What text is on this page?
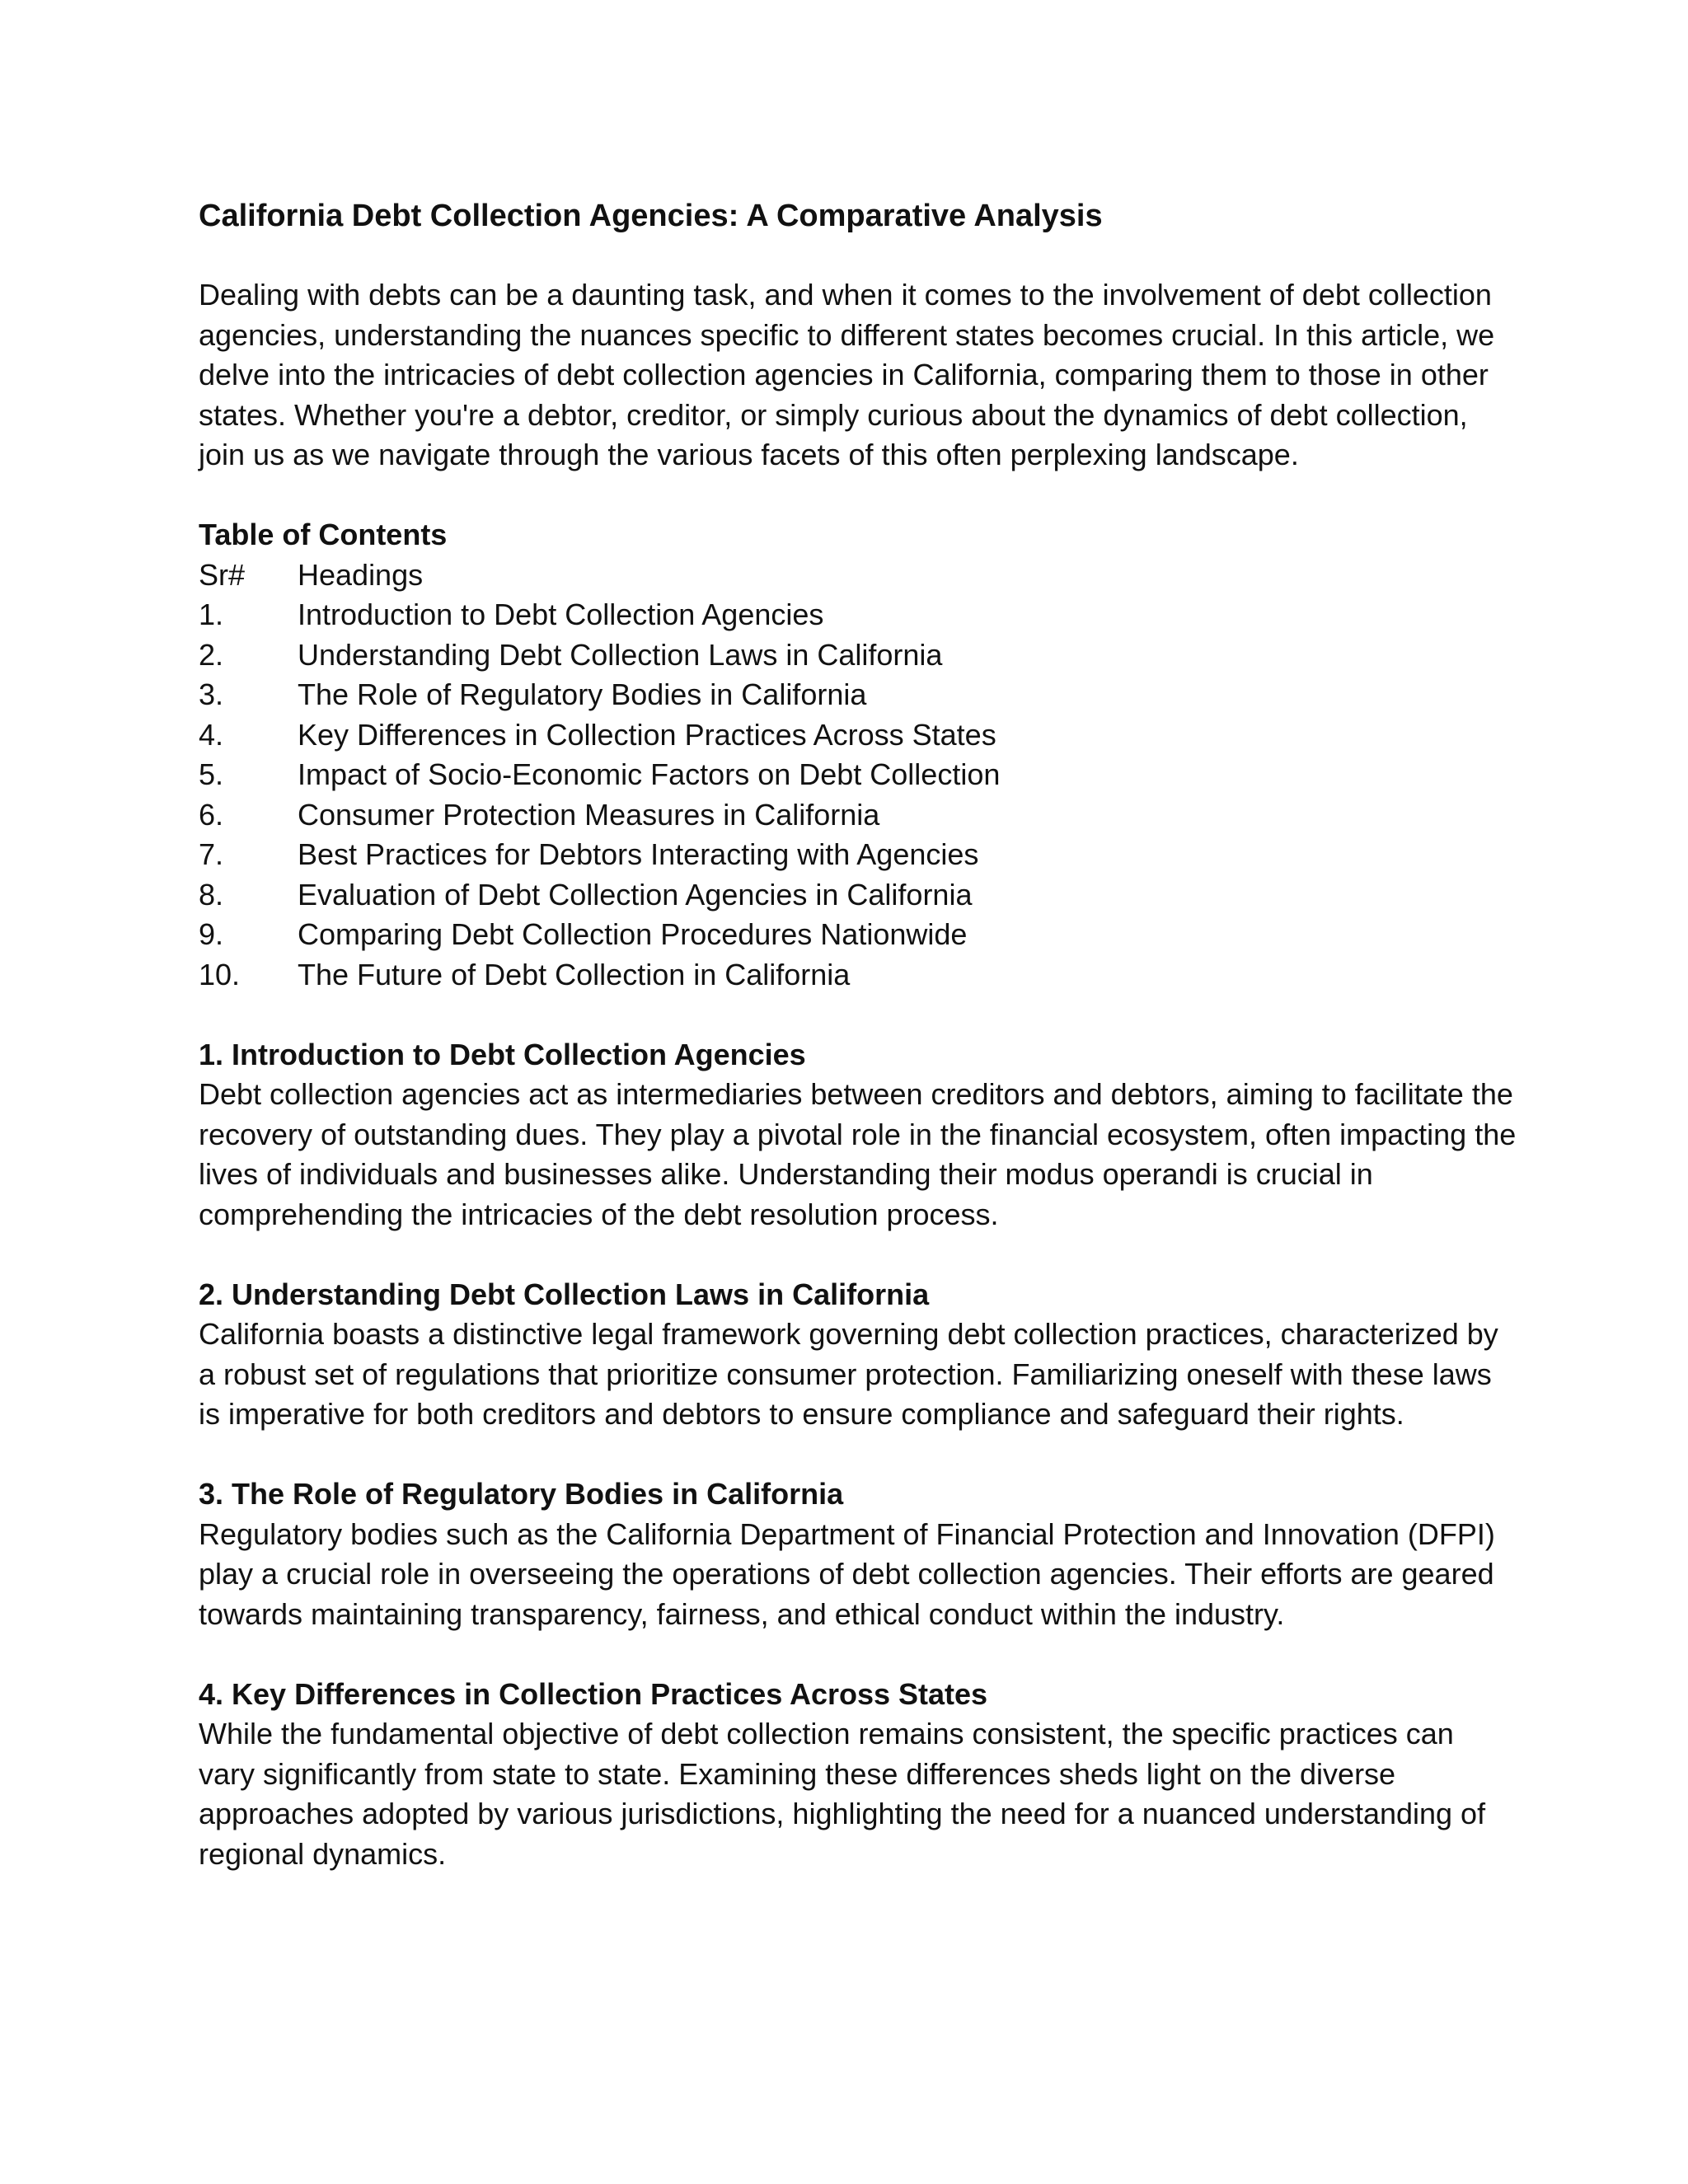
California Debt Collection Agencies: A Comparative Analysis

Dealing with debts can be a daunting task, and when it comes to the involvement of debt collection agencies, understanding the nuances specific to different states becomes crucial. In this article, we delve into the intricacies of debt collection agencies in California, comparing them to those in other states. Whether you're a debtor, creditor, or simply curious about the dynamics of debt collection, join us as we navigate through the various facets of this often perplexing landscape.

Table of Contents
Sr#	Headings
1.	Introduction to Debt Collection Agencies
2.	Understanding Debt Collection Laws in California
3.	The Role of Regulatory Bodies in California
4.	Key Differences in Collection Practices Across States
5.	Impact of Socio-Economic Factors on Debt Collection
6.	Consumer Protection Measures in California
7.	Best Practices for Debtors Interacting with Agencies
8.	Evaluation of Debt Collection Agencies in California
9.	Comparing Debt Collection Procedures Nationwide
10.	The Future of Debt Collection in California
1. Introduction to Debt Collection Agencies

Debt collection agencies act as intermediaries between creditors and debtors, aiming to facilitate the recovery of outstanding dues. They play a pivotal role in the financial ecosystem, often impacting the lives of individuals and businesses alike. Understanding their modus operandi is crucial in comprehending the intricacies of the debt resolution process.

2. Understanding Debt Collection Laws in California

California boasts a distinctive legal framework governing debt collection practices, characterized by a robust set of regulations that prioritize consumer protection. Familiarizing oneself with these laws is imperative for both creditors and debtors to ensure compliance and safeguard their rights.

3. The Role of Regulatory Bodies in California

Regulatory bodies such as the California Department of Financial Protection and Innovation (DFPI) play a crucial role in overseeing the operations of debt collection agencies. Their efforts are geared towards maintaining transparency, fairness, and ethical conduct within the industry.

4. Key Differences in Collection Practices Across States

While the fundamental objective of debt collection remains consistent, the specific practices can vary significantly from state to state. Examining these differences sheds light on the diverse approaches adopted by various jurisdictions, highlighting the need for a nuanced understanding of regional dynamics.
